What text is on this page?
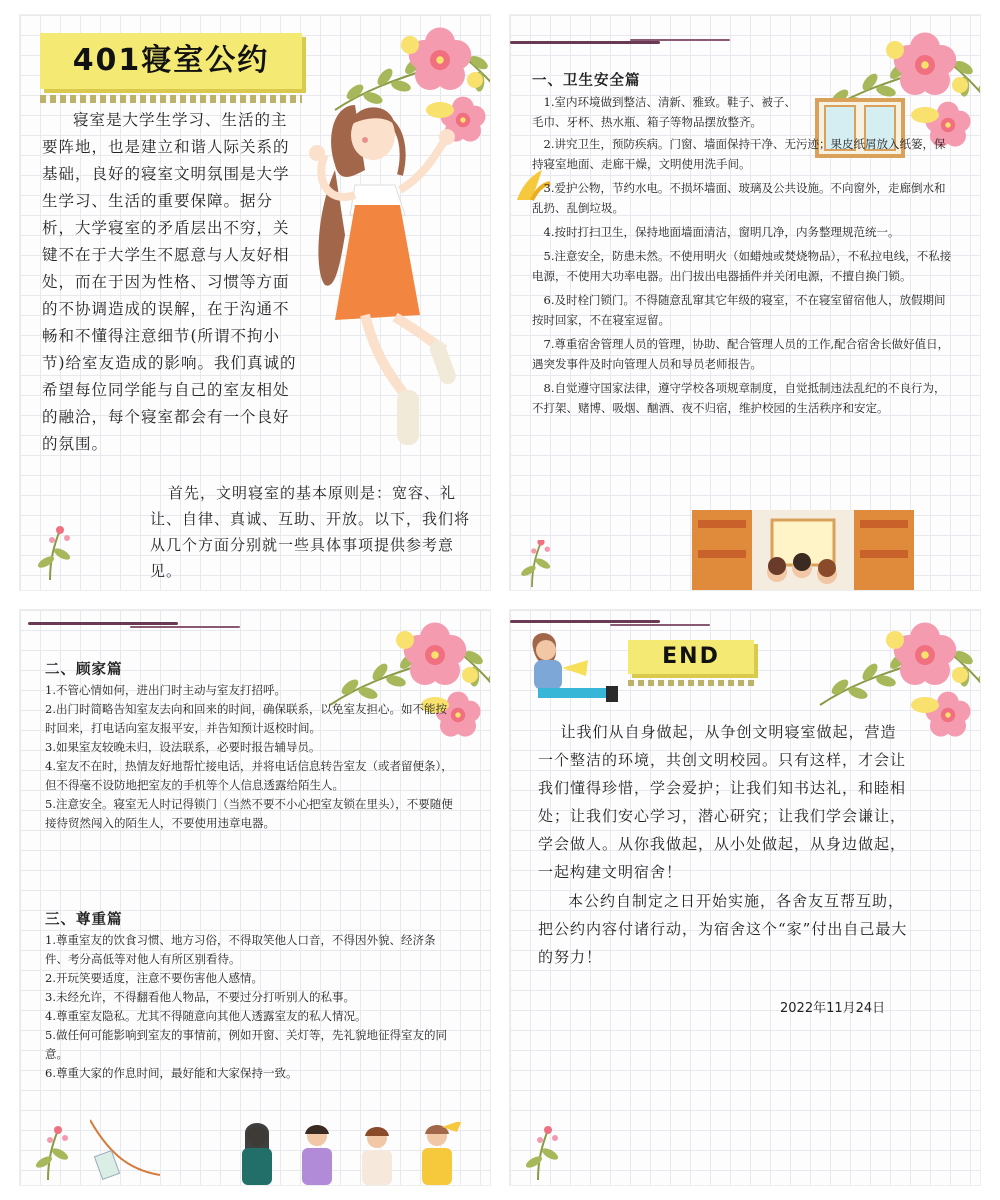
401寝室公约

寝室是大学生学习、生活的主要阵地，也是建立和谐人际关系的基础，良好的寝室文明氛围是大学生学习、生活的重要保障。据分析，大学寝室的矛盾层出不穷，关键不在于大学生不愿意与人友好相处，而在于因为性格、习惯等方面的不协调造成的误解，在于沟通不畅和不懂得注意细节(所谓不拘小节)给室友造成的影响。我们真诚的希望每位同学能与自己的室友相处的融洽，每个寝室都会有一个良好的氛围。

首先，文明寝室的基本原则是：宽容、礼让、自律、真诚、互助、开放。以下，我们将从几个方面分别就一些具体事项提供参考意见。

一、卫生安全篇

1.室内环境做到整洁、清新、雅致。鞋子、被子、毛巾、牙杯、热水瓶、箱子等物品摆放整齐。

2.讲究卫生，预防疾病。门窗、墙面保持干净、无污迹；果皮纸屑放入纸篓，保持寝室地面、走廊干燥，文明使用洗手间。

3.爱护公物，节约水电。不损坏墙面、玻璃及公共设施。不向窗外，走廊倒水和乱扔、乱倒垃圾。

4.按时打扫卫生，保持地面墙面清洁，窗明几净，内务整理规范统一。

5.注意安全，防患未然。不使用明火（如蜡烛或焚烧物品），不私拉电线，不私接电源，不使用大功率电器。出门拔出电器插件并关闭电源，不擅自换门锁。

6.及时栓门锁门。不得随意乱窜其它年级的寝室，不在寝室留宿他人，放假期间按时回家，不在寝室逗留。

7.尊重宿舍管理人员的管理，协助、配合管理人员的工作,配合宿舍长做好值日，遇突发事件及时向管理人员和导员老师报告。

8.自觉遵守国家法律，遵守学校各项规章制度，自觉抵制违法乱纪的不良行为，不打架、赌博、吸烟、酗酒、夜不归宿，维护校园的生活秩序和安定。

二、顾家篇

1.不管心情如何，进出门时主动与室友打招呼。

2.出门时简略告知室友去向和回来的时间，确保联系，以免室友担心。如不能按时回来，打电话向室友报平安，并告知预计返校时间。

3.如果室友较晚未归，设法联系，必要时报告辅导员。

4.室友不在时，热情友好地帮忙接电话，并将电话信息转告室友（或者留便条），但不得毫不设防地把室友的手机等个人信息透露给陌生人。

5.注意安全。寝室无人时记得锁门（当然不要不小心把室友锁在里头），不要随便接待贸然闯入的陌生人，不要使用违章电器。

三、尊重篇

1.尊重室友的饮食习惯、地方习俗，不得取笑他人口音，不得因外貌、经济条件、考分高低等对他人有所区别看待。

2.开玩笑要适度，注意不要伤害他人感情。

3.未经允许，不得翻看他人物品，不要过分打听别人的私事。

4.尊重室友隐私。尤其不得随意向其他人透露室友的私人情况。

5.做任何可能影响到室友的事情前，例如开窗、关灯等，先礼貌地征得室友的同意。

6.尊重大家的作息时间，最好能和大家保持一致。

END

让我们从自身做起，从争创文明寝室做起，营造一个整洁的环境，共创文明校园。只有这样，才会让我们懂得珍惜，学会爱护；让我们知书达礼，和睦相处；让我们安心学习，潜心研究；让我们学会谦让，学会做人。从你我做起，从小处做起，从身边做起，一起构建文明宿舍！

本公约自制定之日开始实施，各舍友互帮互助，把公约内容付诸行动，为宿舍这个“家”付出自己最大的努力！

2022年11月24日
